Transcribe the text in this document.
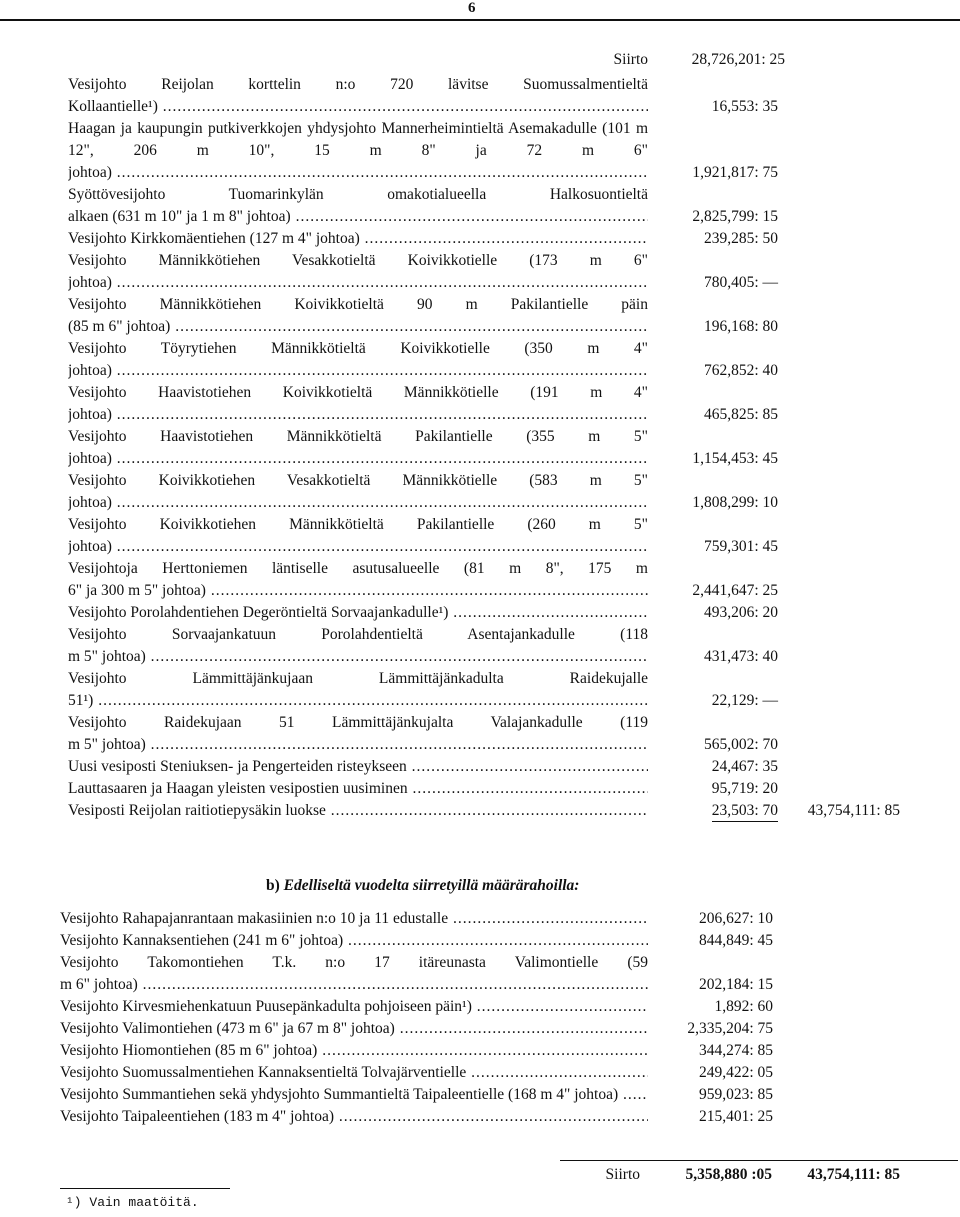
6
Siirto	28,726,201: 25
Vesijohto Reijolan korttelin n:o 720 lävitse Suomussalmentieltä
Kollaantielle¹) .....	16,553: 35
Haagan ja kaupungin putkiverkkojen yhdysjohto Mannerheimintieltä Asemakadulle (101 m 12", 206 m 10", 15 m 8" ja 72 m 6"
johtoa) .....	1,921,817: 75
Syöttövesijohto Tuomarinkylän omakotialueella Halkosuontieltä
alkaen (631 m 10" ja 1 m 8" johtoa) .....	2,825,799: 15
Vesijohto Kirkkomäentiehen (127 m 4" johtoa) .....	239,285: 50
Vesijohto Männikkötiehen Vesakkotieltä Koivikkotielle (173 m 6"
johtoa) .....	780,405: —
Vesijohto Männikkötiehen Koivikkotieltä 90 m Pakilantielle päin
(85 m 6" johtoa) .....	196,168: 80
Vesijohto Töyrytiehen Männikkötieltä Koivikkotielle (350 m 4"
johtoa) .....	762,852: 40
Vesijohto Haavistotiehen Koivikkotieltä Männikkötielle (191 m 4"
johtoa) .....	465,825: 85
Vesijohto Haavistotiehen Männikkötieltä Pakilantielle (355 m 5"
johtoa) .....	1,154,453: 45
Vesijohto Koivikkotiehen Vesakkotieltä Männikkötielle (583 m 5"
johtoa) .....	1,808,299: 10
Vesijohto Koivikkotiehen Männikkötieltä Pakilantielle (260 m 5"
johtoa) .....	759,301: 45
Vesijohtoja Herttoniemen läntiselle asutusalueelle (81 m 8", 175 m
6" ja 300 m 5" johtoa) .....	2,441,647: 25
Vesijohto Porolahdentiehen Degeröntieltä Sorvaajankadulle¹) .....	493,206: 20
Vesijohto Sorvaajankatuun Porolahdentieltä Asentajankadulle (118
m 5" johtoa) .....	431,473: 40
Vesijohto Lämmittäjänkujaan Lämmittäjänkadulta Raidekujalle
51¹) .....	22,129: —
Vesijohto Raidekujaan 51 Lämmittäjänkujalta Valajankadulle (119
m 5" johtoa) .....	565,002: 70
Uusi vesiposti Steniuksen- ja Pengerteiden risteykseen .....	24,467: 35
Lauttasaaren ja Haagan yleisten vesipostien uusiminen .....	95,719: 20
Vesiposti Reijolan raitiotiepysäkin luokse .....	23,503: 70 43,754,111: 85
b) Edelliseltä vuodelta siirretyillä määrärahoilla:
Vesijohto Rahapajanrantaan makasiinien n:o 10 ja 11 edustalle .....	206,627: 10
Vesijohto Kannaksentiehen (241 m 6" johtoa) .....	844,849: 45
Vesijohto Takomontiehen T.k. n:o 17 itäreunasta Valimontielle (59
m 6" johtoa) .....	202,184: 15
Vesijohto Kirvesmiehenkatuun Puusepänkadulta pohjoiseen päin¹) .....	1,892: 60
Vesijohto Valimontiehen (473 m 6" ja 67 m 8" johtoa) .....	2,335,204: 75
Vesijohto Hiomontiehen (85 m 6" johtoa) .....	344,274: 85
Vesijohto Suomussalmentiehen Kannaksentieltä Tolvajärventielle .....	249,422: 05
Vesijohto Summantiehen sekä yhdysjohto Summantieltä Taipaleentielle (168 m 4" johtoa) .....	959,023: 85
Vesijohto Taipaleentiehen (183 m 4" johtoa) .....	215,401: 25
Siirto	5,358,880 :05 43,754,111: 85
¹) Vain maatöitä.
